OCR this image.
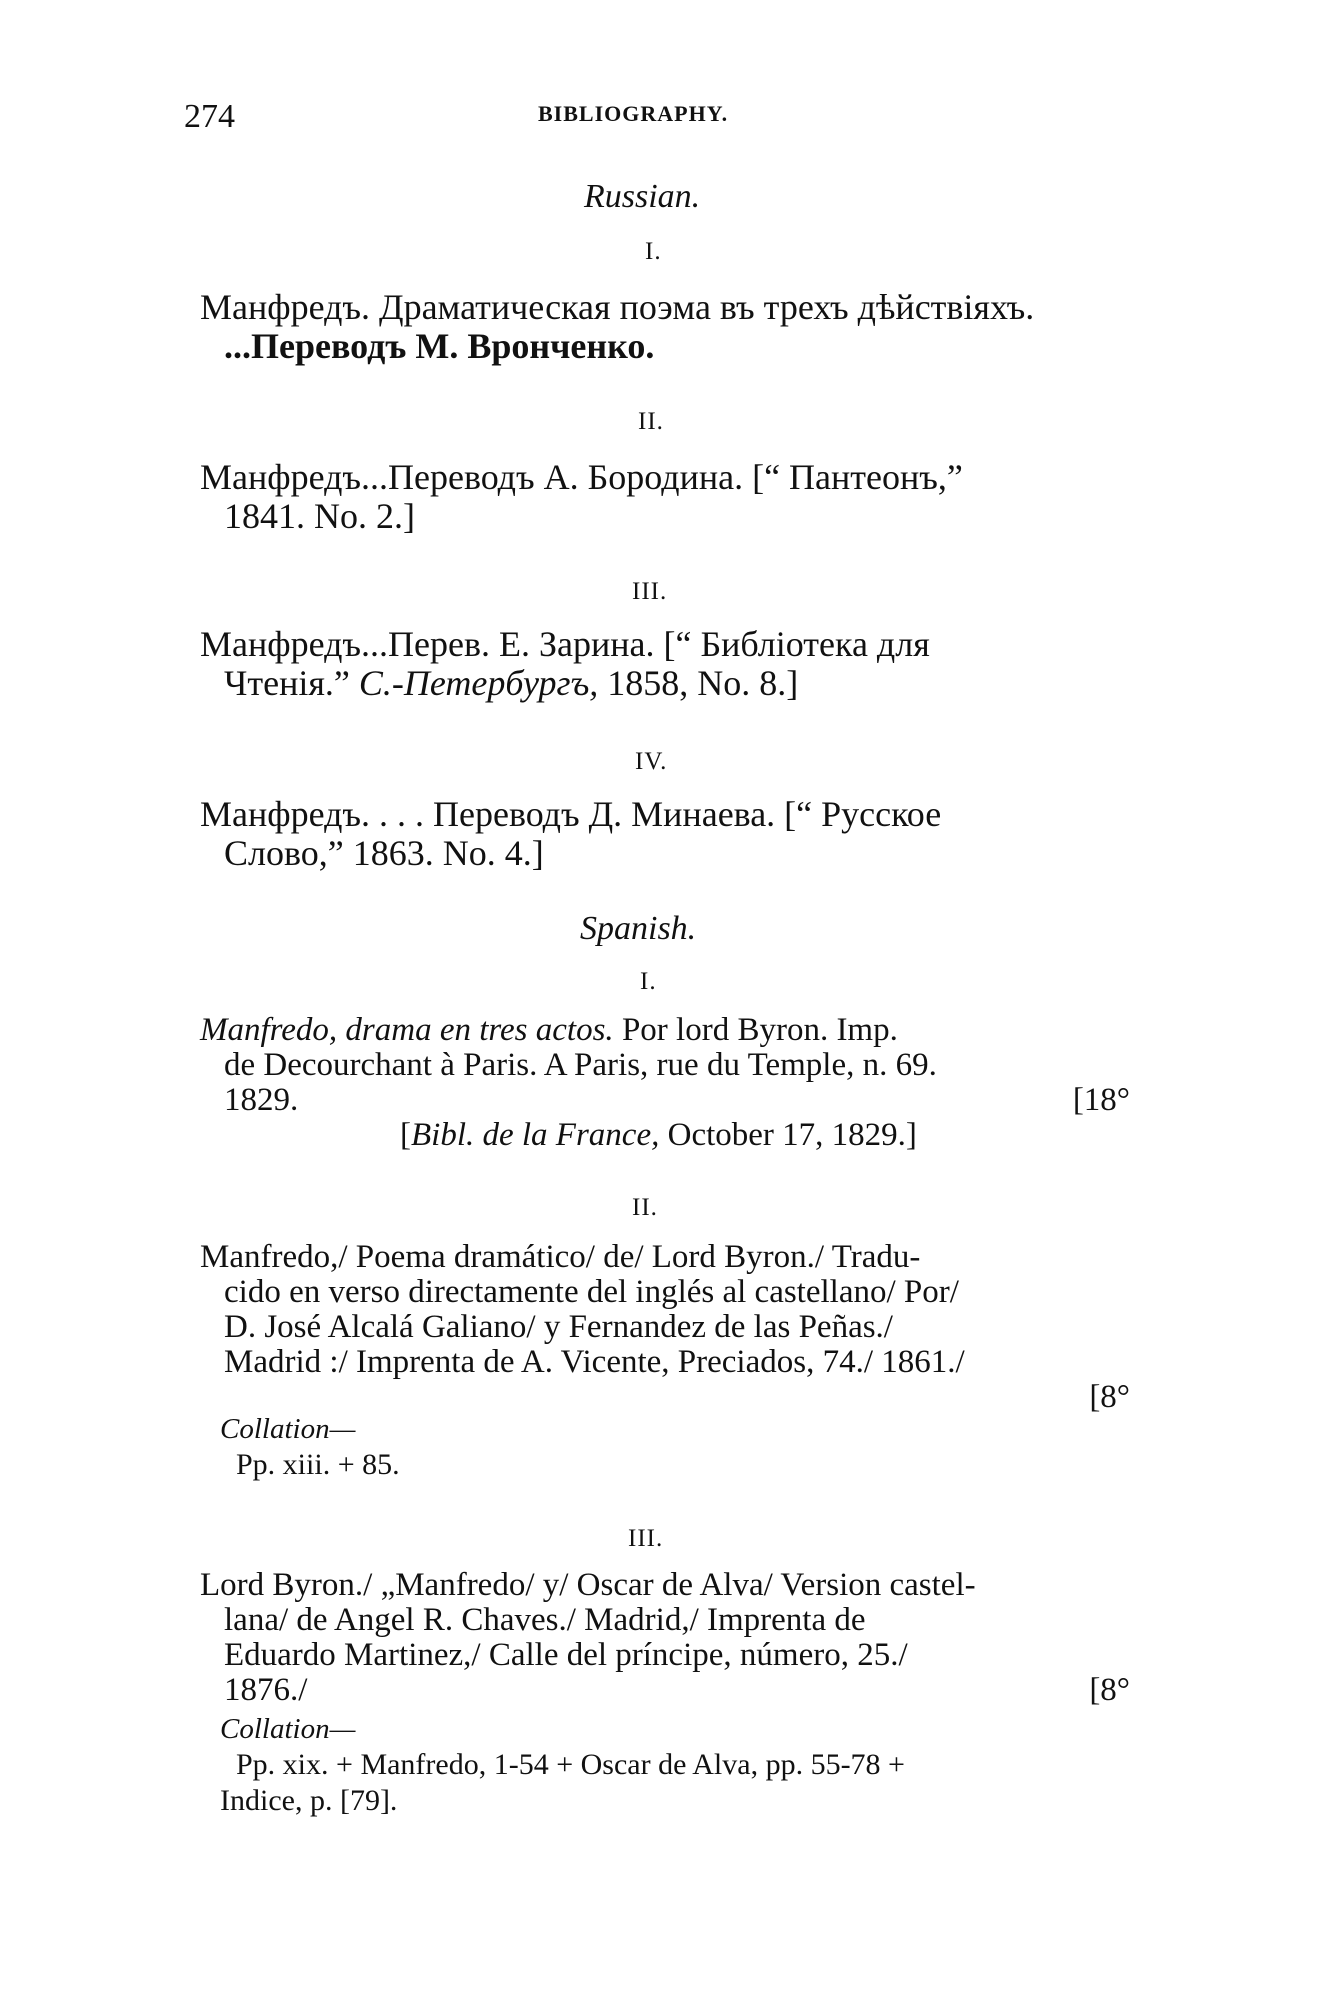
274	BIBLIOGRAPHY.
Russian.
I.
Манфредъ. Драматическая поэма въ трехъ дѣйствiяхъ.
...Переводъ М. Вронченко.
II.
Манфредъ...Переводъ А. Бородина. [“ Пантеонъ,”
1841. No. 2.]
III.
Манфредъ...Перев. Е. Зарина. [“ Библiотека для
Чтенiя.” С.-Петербургъ, 1858, No. 8.]
IV.
Манфредъ. . . . Переводъ Д. Минаева. [“ Русское
Слово,” 1863. No. 4.]
Spanish.
I.
Manfredo, drama en tres actos. Por lord Byron. Imp.
de Decourchant à Paris. A Paris, rue du Temple, n. 69.
1829.	[18°
[Bibl. de la France, October 17, 1829.]
II.
Manfredo,/ Poema dramático/ de/ Lord Byron./ Tradu-
cido en verso directamente del inglés al castellano/ Por/
D. José Alcalá Galiano/ y Fernandez de las Peñas./
Madrid :/ Imprenta de A. Vicente, Preciados, 74./ 1861./
[8°
Collation—
Pp. xiii. + 85.
III.
Lord Byron./ „Manfredo/ y/ Oscar de Alva/ Version castel-
lana/ de Angel R. Chaves./ Madrid,/ Imprenta de
Eduardo Martinez,/ Calle del príncipe, número, 25./
1876./	[8°
Collation—
Pp. xix. + Manfredo, 1-54 + Oscar de Alva, pp. 55-78 +
Indice, p. [79].
